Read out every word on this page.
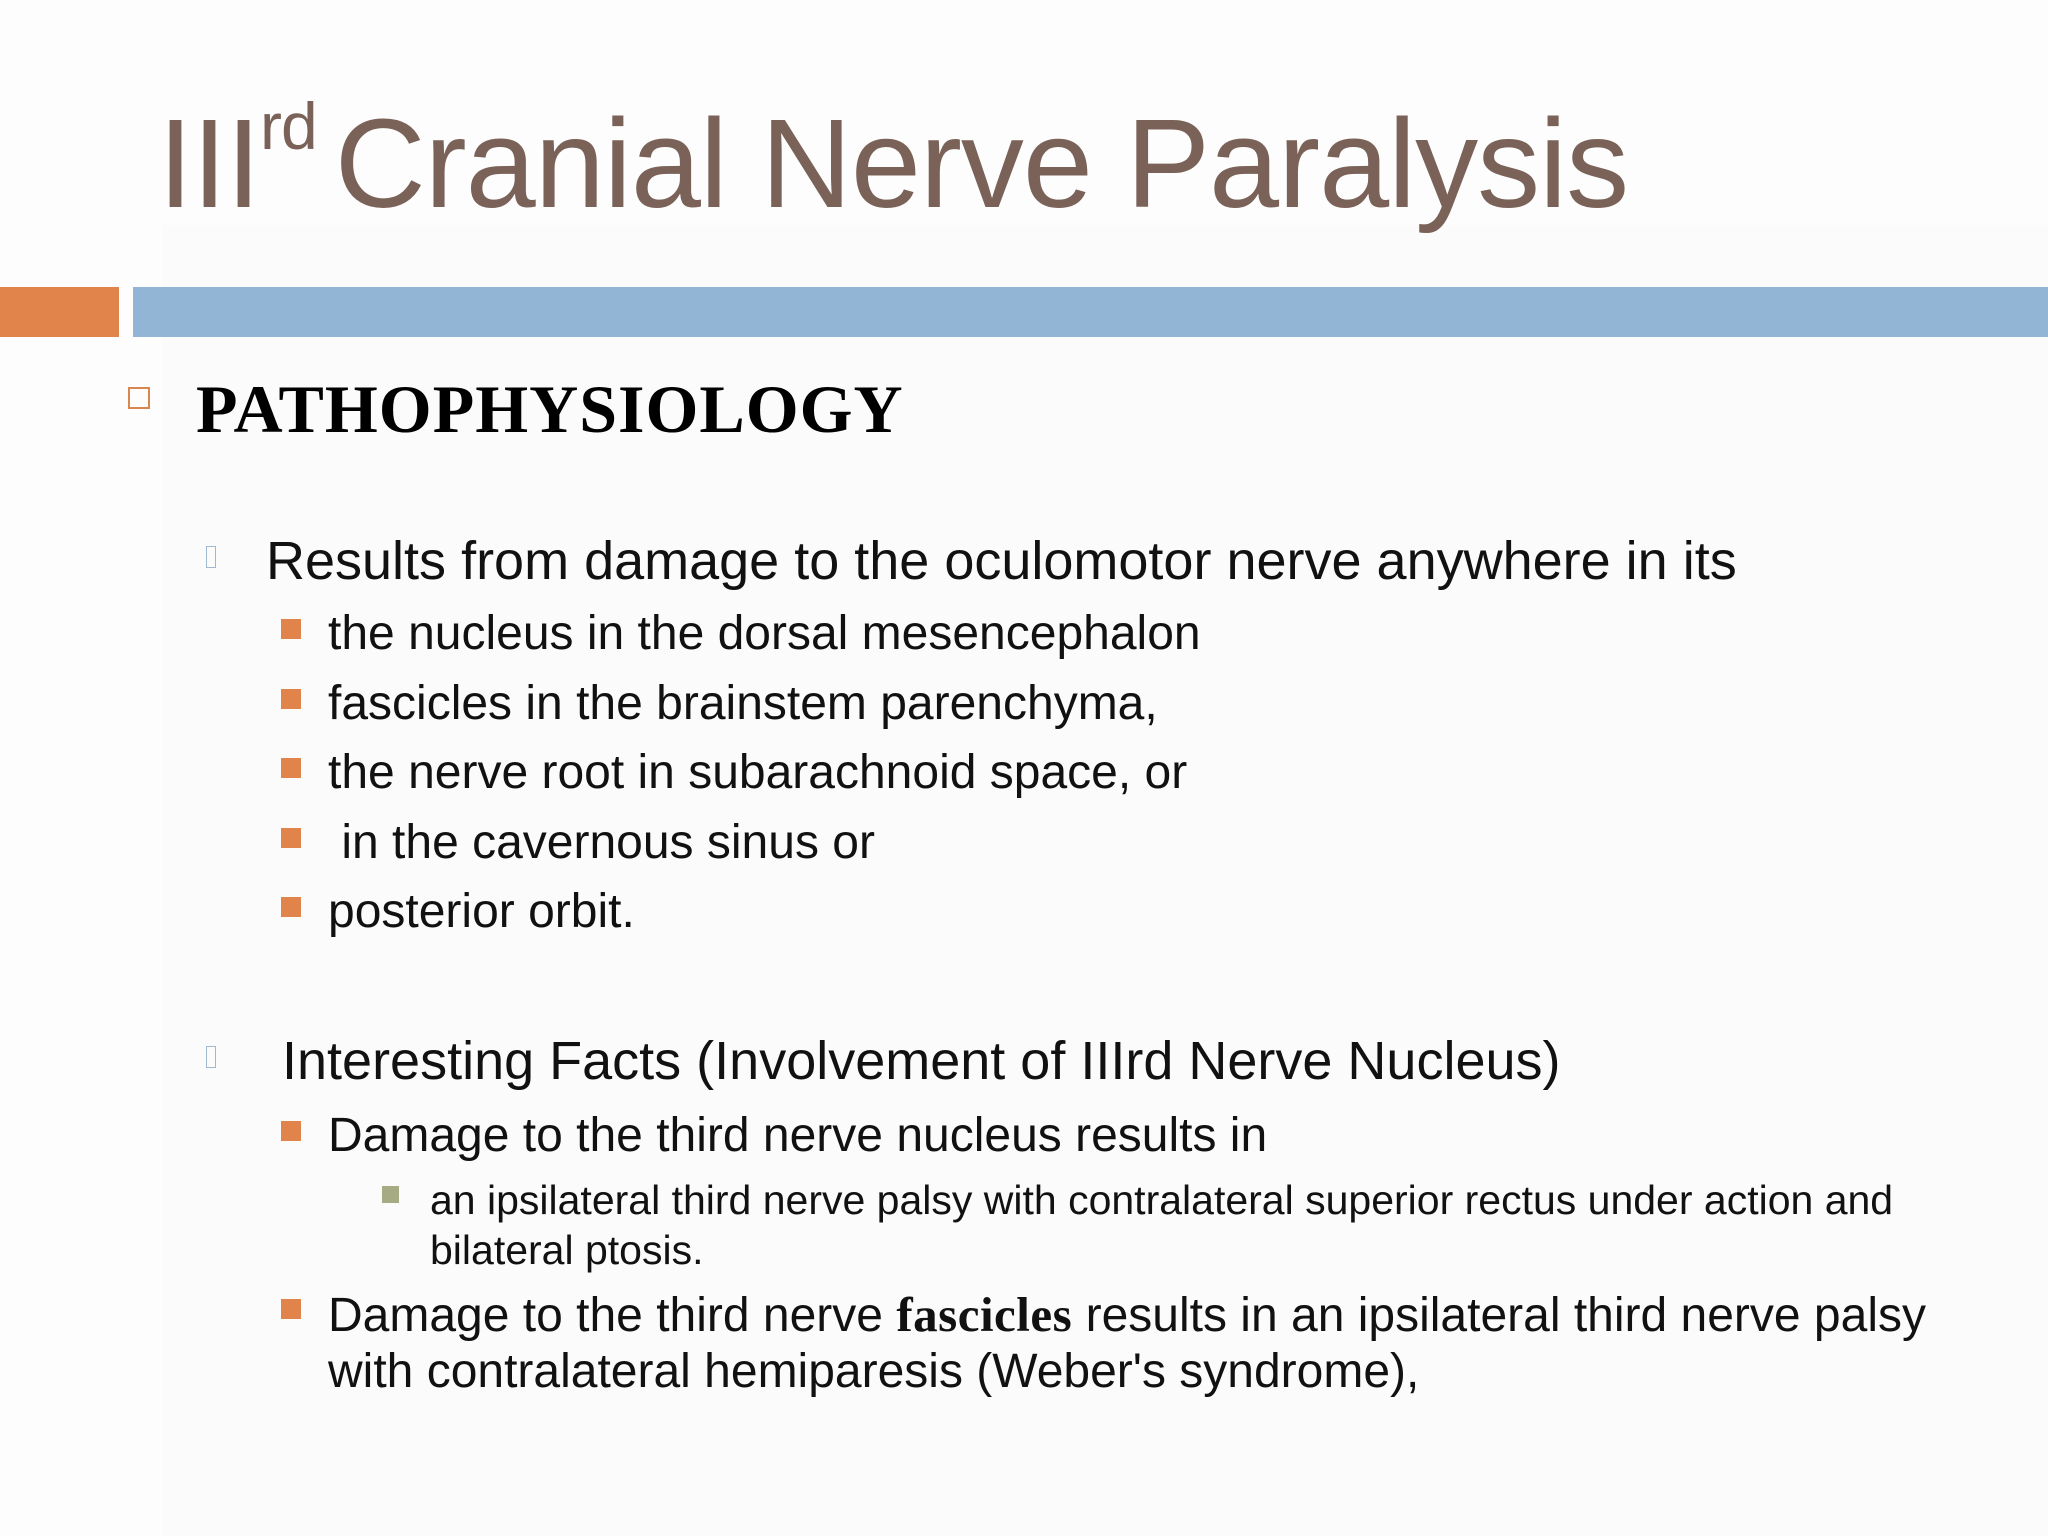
IIIrd Cranial Nerve Paralysis
PATHOPHYSIOLOGY
Results from damage to the oculomotor nerve anywhere in its
the nucleus in the dorsal mesencephalon
fascicles in the brainstem parenchyma,
the nerve root in subarachnoid space, or
in the cavernous sinus or
posterior orbit.
Interesting Facts (Involvement of IIIrd Nerve Nucleus)
Damage to the third nerve nucleus results in
an ipsilateral third nerve palsy with contralateral superior rectus under action and bilateral ptosis.
Damage to the third nerve fascicles results in an ipsilateral third nerve palsy with contralateral hemiparesis (Weber's syndrome),
